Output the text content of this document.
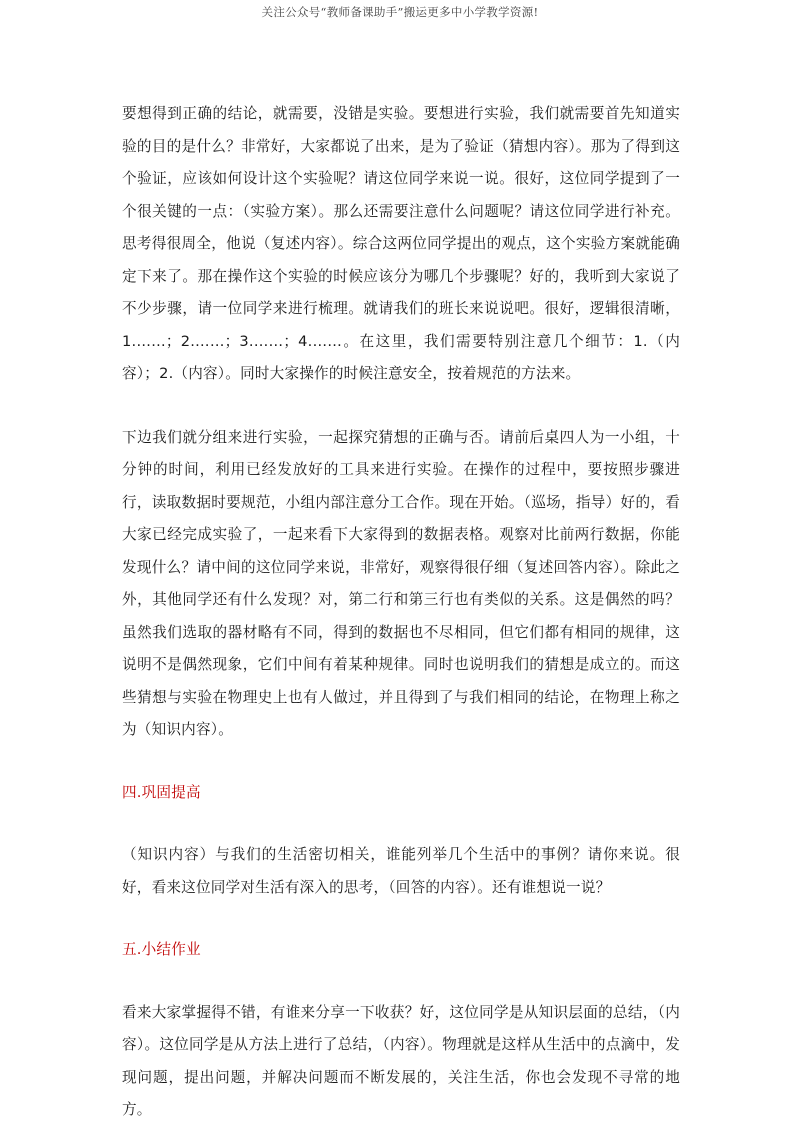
关注公众号“教师备课助手”搬运更多中小学教学资源!

要想得到正确的结论，就需要，没错是实验。要想进行实验，我们就需要首先知道实验的目的是什么？非常好，大家都说了出来，是为了验证（猜想内容）。那为了得到这个验证，应该如何设计这个实验呢？请这位同学来说一说。很好，这位同学提到了一个很关键的一点：（实验方案）。那么还需要注意什么问题呢？请这位同学进行补充。思考得很周全，他说（复述内容）。综合这两位同学提出的观点，这个实验方案就能确定下来了。那在操作这个实验的时候应该分为哪几个步骤呢？好的，我听到大家说了不少步骤，请一位同学来进行梳理。就请我们的班长来说说吧。很好，逻辑很清晰，1.……；2.……；3.……；4.……。在这里，我们需要特别注意几个细节：1.（内容）；2.（内容）。同时大家操作的时候注意安全，按着规范的方法来。

下边我们就分组来进行实验，一起探究猜想的正确与否。请前后桌四人为一小组，十分钟的时间，利用已经发放好的工具来进行实验。在操作的过程中，要按照步骤进行，读取数据时要规范，小组内部注意分工合作。现在开始。（巡场，指导）好的，看大家已经完成实验了，一起来看下大家得到的数据表格。观察对比前两行数据，你能发现什么？请中间的这位同学来说，非常好，观察得很仔细（复述回答内容）。除此之外，其他同学还有什么发现？对，第二行和第三行也有类似的关系。这是偶然的吗？虽然我们选取的器材略有不同，得到的数据也不尽相同，但它们都有相同的规律，这说明不是偶然现象，它们中间有着某种规律。同时也说明我们的猜想是成立的。而这些猜想与实验在物理史上也有人做过，并且得到了与我们相同的结论，在物理上称之为（知识内容）。

四.巩固提高

（知识内容）与我们的生活密切相关，谁能列举几个生活中的事例？请你来说。很好，看来这位同学对生活有深入的思考，（回答的内容）。还有谁想说一说？

五.小结作业

看来大家掌握得不错，有谁来分享一下收获？好，这位同学是从知识层面的总结，（内容）。这位同学是从方法上进行了总结，（内容）。物理就是这样从生活中的点滴中，发现问题，提出问题，并解决问题而不断发展的，关注生活，你也会发现不寻常的地方。
